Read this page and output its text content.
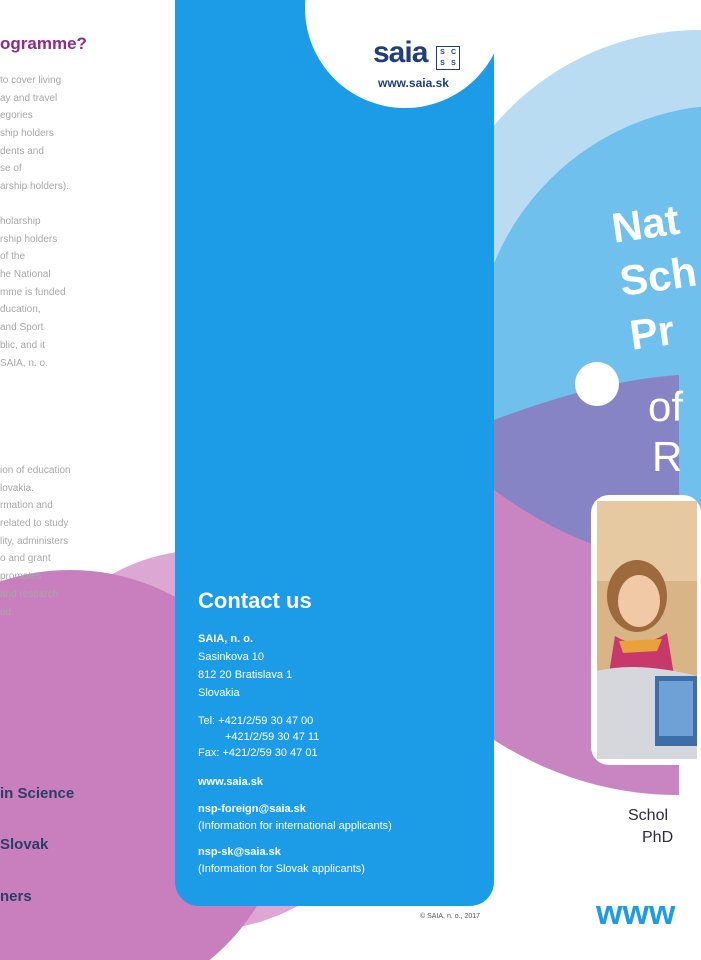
ogramme?
to cover living
ay and travel
egories
ship holders
dents and
se of
arship holders).
holarship
rship holders
of the
he National
mme is funded
ducation,
and Sport
blic, and it
SAIA, n. o.
ion of education
lovakia.
rmation and
related to study
lity, administers
o and grant
promotes
and research
od.
in Science
Slovak
ners
saia	S C
S S
www.saia.sk
Contact us
SAIA, n. o.
Sasinkova 10
812 20 Bratislava 1
Slovakia
Tel: +421/2/59 30 47 00
+421/2/59 30 47 11
Fax: +421/2/59 30 47 01
www.saia.sk
nsp-foreign@saia.sk
(Information for international applicants)
nsp-sk@saia.sk
(Information for Slovak applicants)
© SAIA, n. o., 2017
Nat
Sch
Pr
of
R
Schol
PhD
www
